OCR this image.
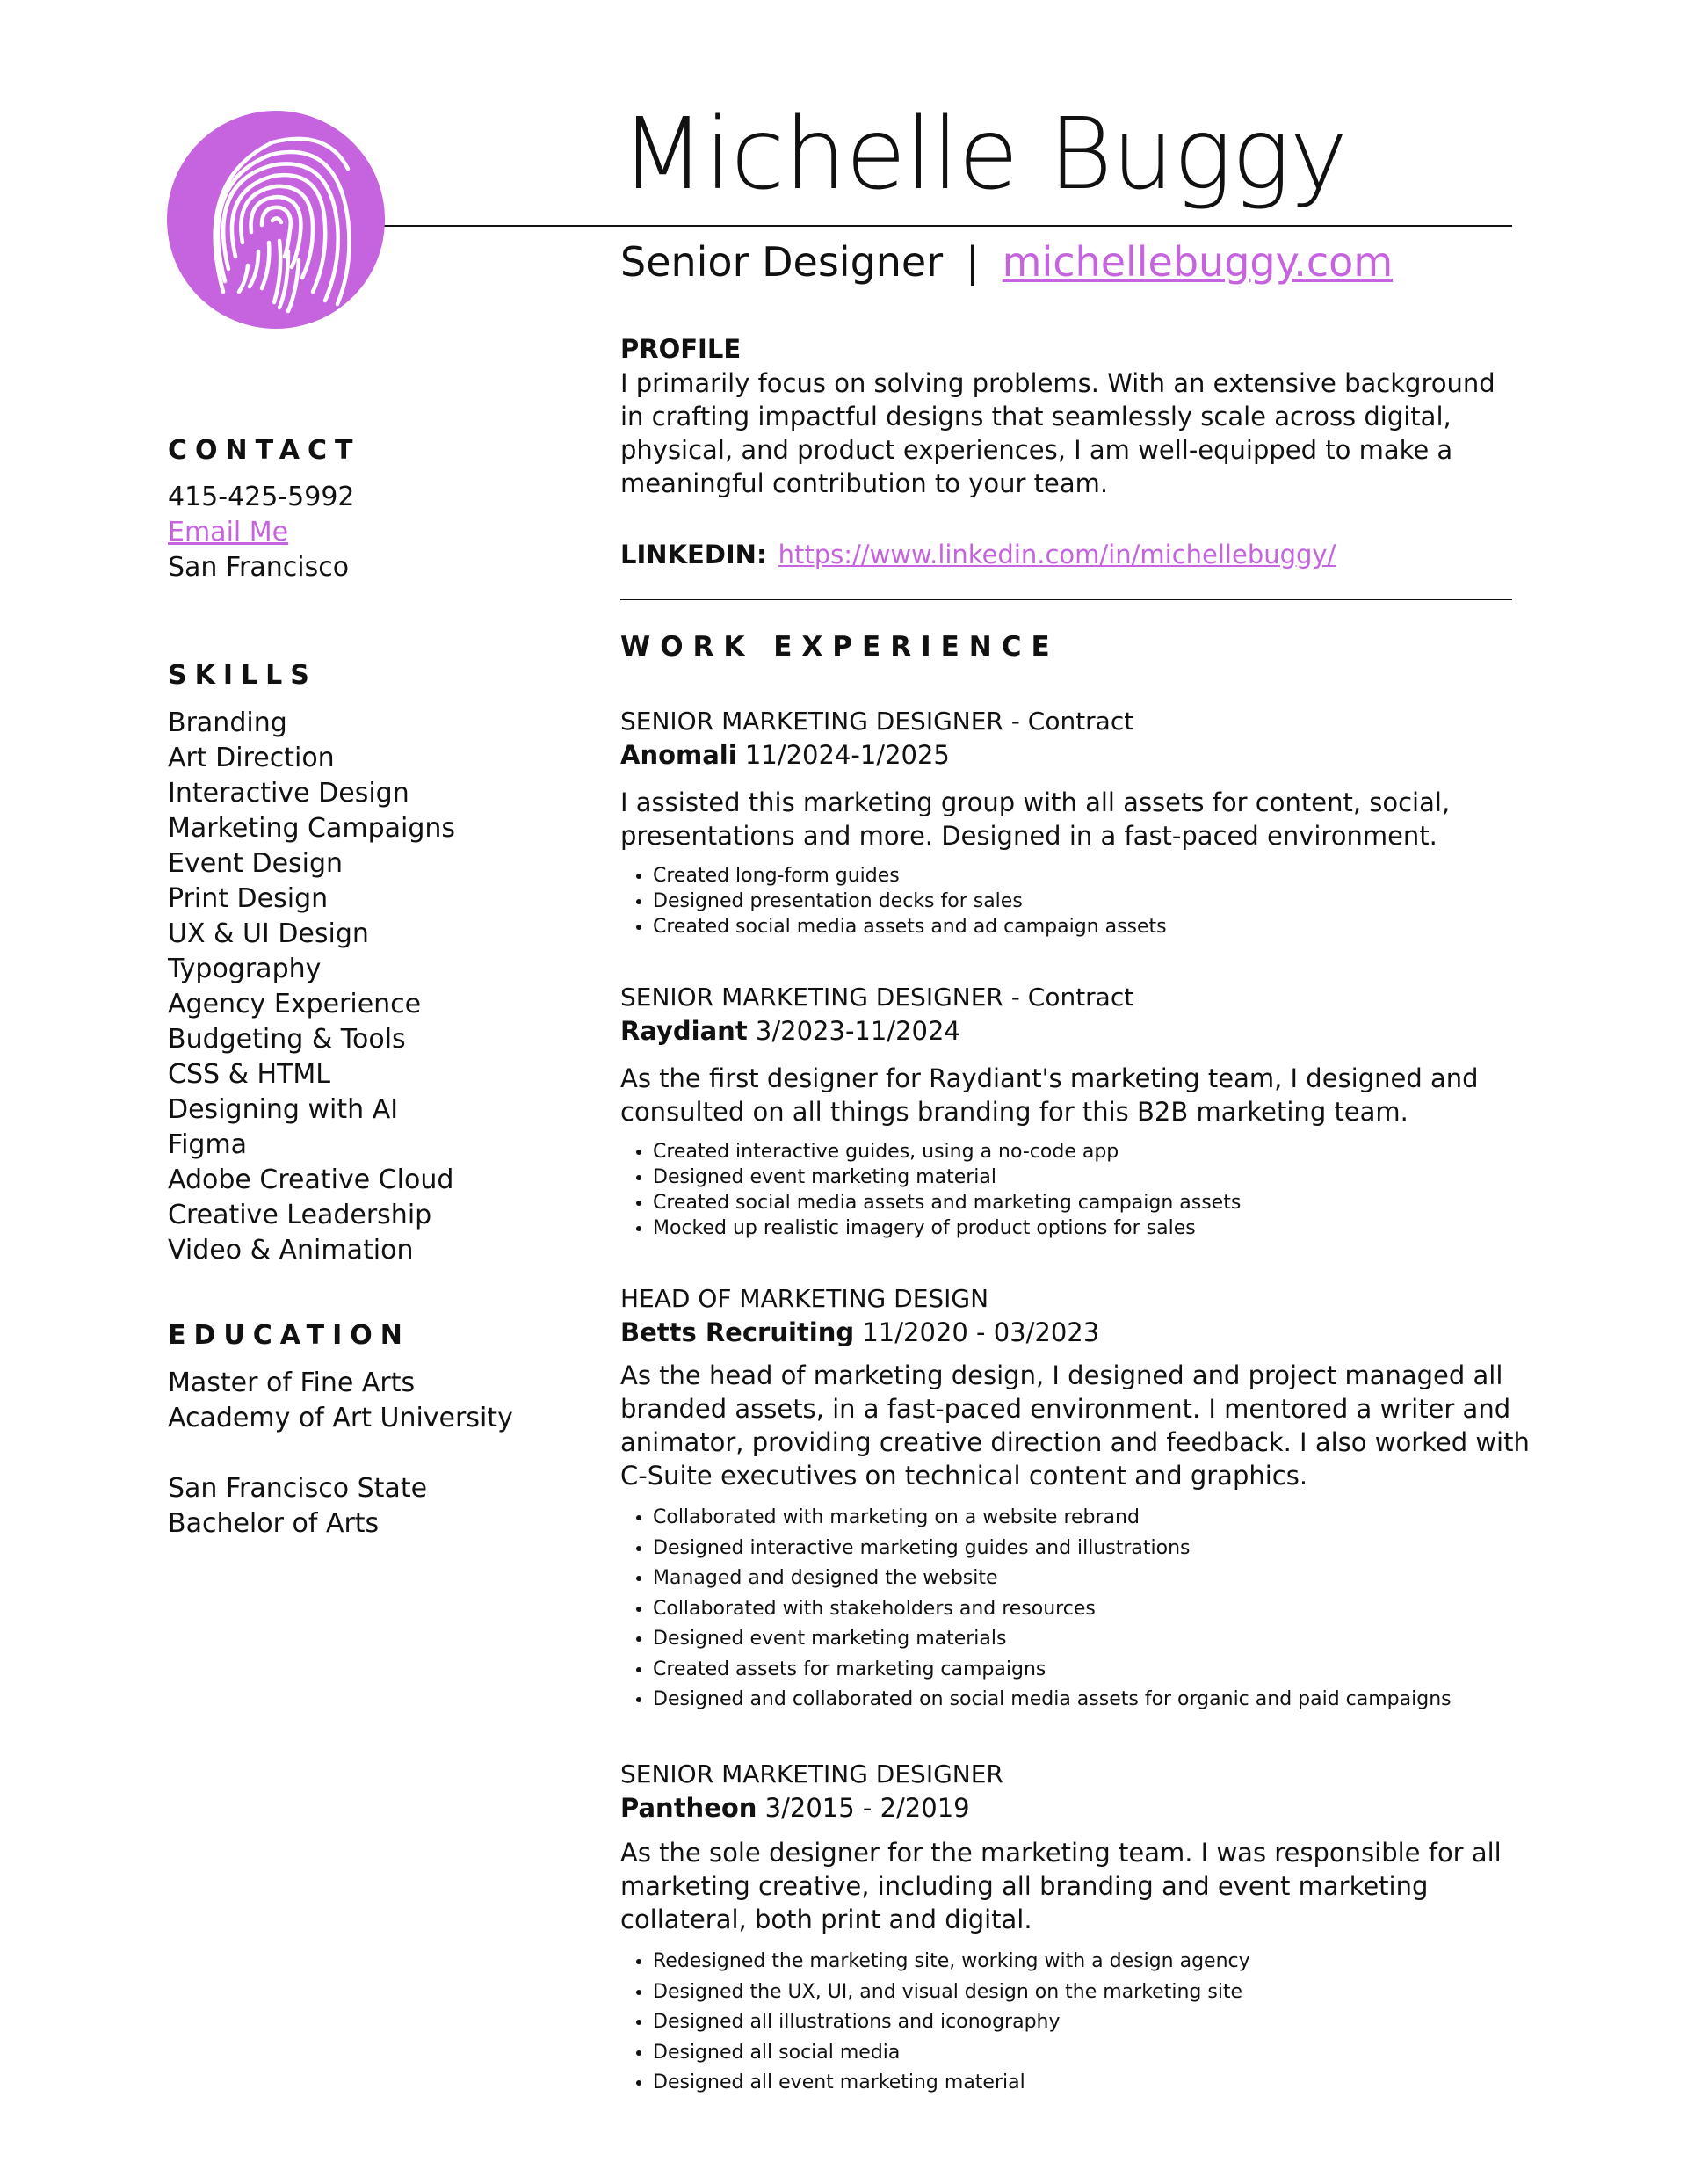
Michelle Buggy
Senior Designer | michellebuggy.com
CONTACT
415-425-5992
Email Me
San Francisco
SKILLS
Branding
Art Direction
Interactive Design
Marketing Campaigns
Event Design
Print Design
UX & UI Design
Typography
Agency Experience
Budgeting & Tools
CSS & HTML
Designing with AI
Figma
Adobe Creative Cloud
Creative Leadership
Video & Animation
EDUCATION
Master of Fine Arts
Academy of Art University
San Francisco State
Bachelor of Arts
PROFILE
I primarily focus on solving problems. With an extensive background in crafting impactful designs that seamlessly scale across digital, physical, and product experiences, I am well-equipped to make a meaningful contribution to your team.
LINKEDIN: https://www.linkedin.com/in/michellebuggy/
WORK EXPERIENCE
SENIOR MARKETING DESIGNER - Contract
Anomali 11/2024-1/2025
I assisted this marketing group with all assets for content, social, presentations and more. Designed in a fast-paced environment.
• Created long-form guides
• Designed presentation decks for sales
• Created social media assets and ad campaign assets
SENIOR MARKETING DESIGNER - Contract
Raydiant 3/2023-11/2024
As the first designer for Raydiant's marketing team, I designed and consulted on all things branding for this B2B marketing team.
• Created interactive guides, using a no-code app
• Designed event marketing material
• Created social media assets and marketing campaign assets
• Mocked up realistic imagery of product options for sales
HEAD OF MARKETING DESIGN
Betts Recruiting 11/2020 - 03/2023
As the head of marketing design, I designed and project managed all branded assets, in a fast-paced environment. I mentored a writer and animator, providing creative direction and feedback. I also worked with C-Suite executives on technical content and graphics.
• Collaborated with marketing on a website rebrand
• Designed interactive marketing guides and illustrations
• Managed and designed the website
• Collaborated with stakeholders and resources
• Designed event marketing materials
• Created assets for marketing campaigns
• Designed and collaborated on social media assets for organic and paid campaigns
SENIOR MARKETING DESIGNER
Pantheon 3/2015 - 2/2019
As the sole designer for the marketing team. I was responsible for all marketing creative, including all branding and event marketing collateral, both print and digital.
• Redesigned the marketing site, working with a design agency
• Designed the UX, UI, and visual design on the marketing site
• Designed all illustrations and iconography
• Designed all social media
• Designed all event marketing material
